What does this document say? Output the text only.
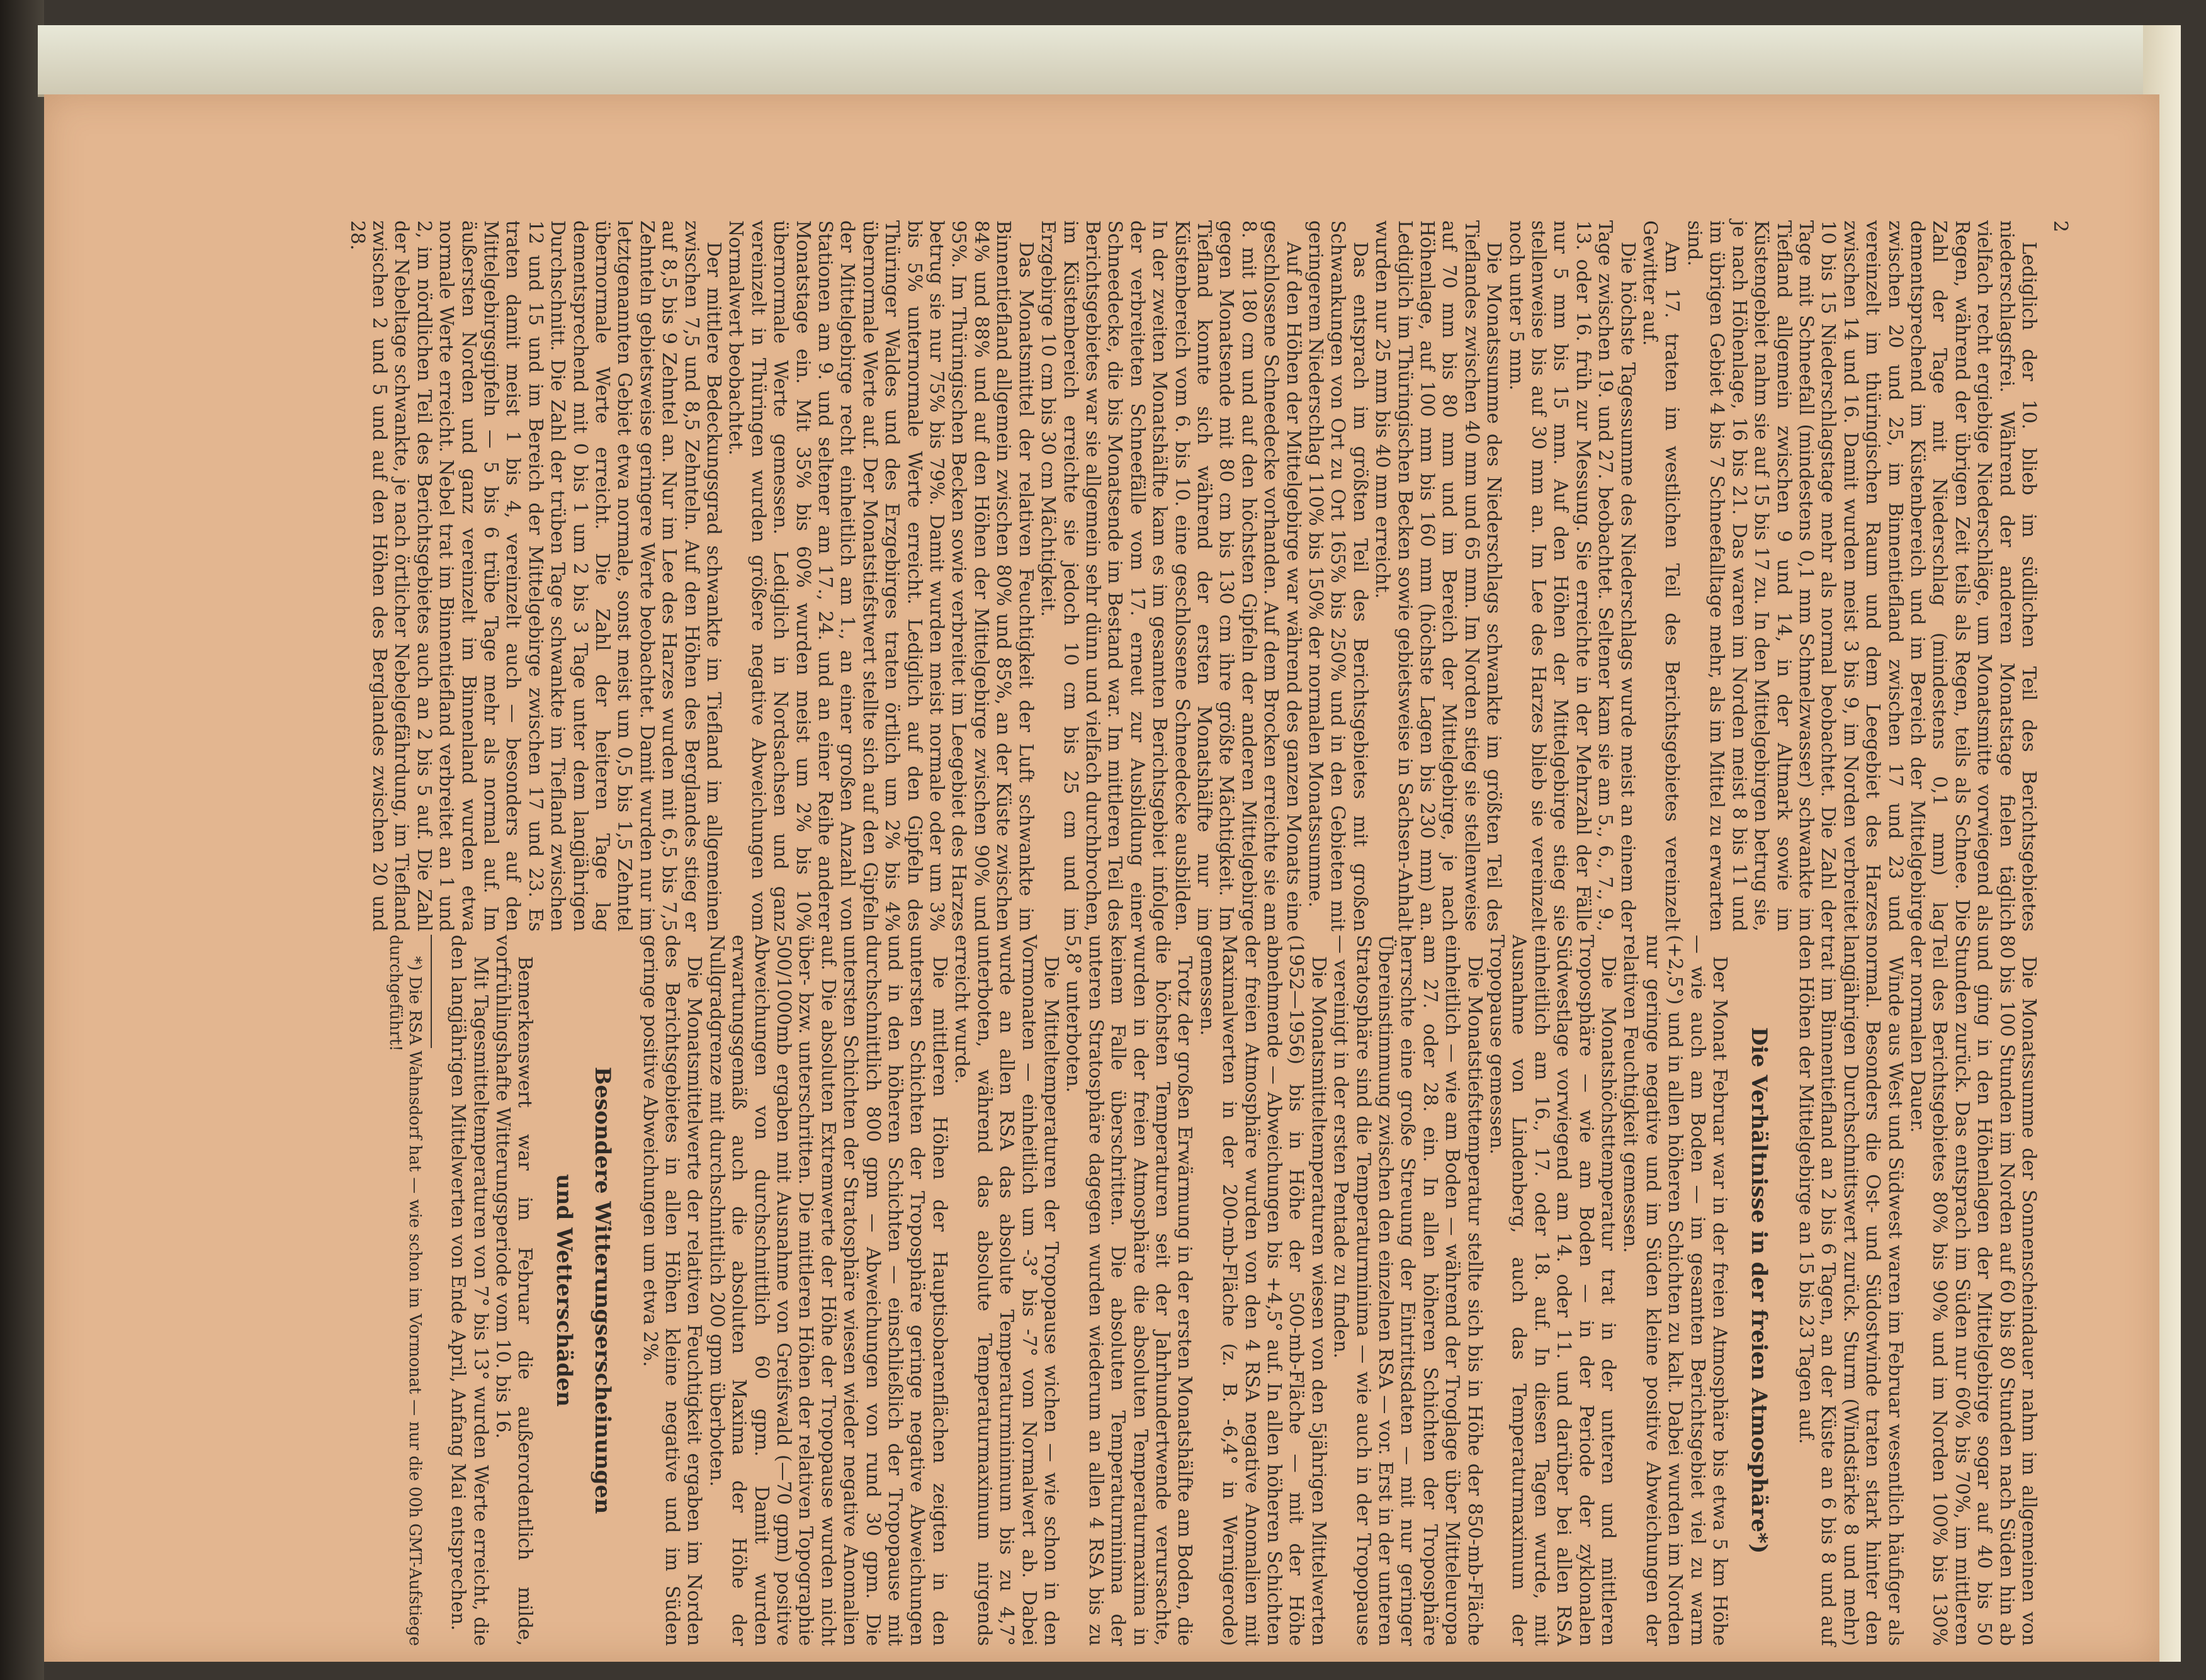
2

Lediglich der 10. blieb im südlichen Teil des Berichtsgebietes niederschlagsfrei. Während der anderen Monatstage fielen täglich vielfach recht ergiebige Niederschläge, um Monatsmitte vorwiegend als Regen, während der übrigen Zeit teils als Regen, teils als Schnee. Die Zahl der Tage mit Niederschlag (mindestens 0,1 mm) lag dementsprechend im Küstenbereich und im Bereich der Mittelgebirge zwischen 20 und 25, im Binnentiefland zwischen 17 und 23 und vereinzelt im thüringischen Raum und dem Leegebiet des Harzes zwischen 14 und 16. Damit wurden meist 3 bis 9, im Norden verbreitet 10 bis 15 Niederschlagstage mehr als normal beobachtet. Die Zahl der Tage mit Schneefall (mindestens 0,1 mm Schmelzwasser) schwankte im Tiefland allgemein zwischen 9 und 14, in der Altmark sowie im Küstengebiet nahm sie auf 15 bis 17 zu. In den Mittelgebirgen betrug sie, je nach Höhenlage, 16 bis 21. Das waren im Norden meist 8 bis 11 und im übrigen Gebiet 4 bis 7 Schneefalltage mehr, als im Mittel zu erwarten sind.

Am 17. traten im westlichen Teil des Berichtsgebietes vereinzelt Gewitter auf.

Die höchste Tagessumme des Niederschlags wurde meist an einem der Tage zwischen 19. und 27. beobachtet. Seltener kam sie am 5., 6., 7., 9., 13. oder 16. früh zur Messung. Sie erreichte in der Mehrzahl der Fälle nur 5 mm bis 15 mm. Auf den Höhen der Mittelgebirge stieg sie stellenweise bis auf 30 mm an. Im Lee des Harzes blieb sie vereinzelt noch unter 5 mm.

Die Monatssumme des Niederschlags schwankte im größten Teil des Tieflandes zwischen 40 mm und 65 mm. Im Norden stieg sie stellenweise auf 70 mm bis 80 mm und im Bereich der Mittelgebirge, je nach Höhenlage, auf 100 mm bis 160 mm (höchste Lagen bis 230 mm) an. Lediglich im Thüringischen Becken sowie gebietsweise in Sachsen-Anhalt wurden nur 25 mm bis 40 mm erreicht.

Das entsprach im größten Teil des Berichtsgebietes mit großen Schwankungen von Ort zu Ort 165% bis 250% und in den Gebieten mit geringerem Niederschlag 110% bis 150% der normalen Monatssumme.

Auf den Höhen der Mittelgebirge war während des ganzen Monats eine geschlossene Schneedecke vorhanden. Auf dem Brocken erreichte sie am 8. mit 180 cm und auf den höchsten Gipfeln der anderen Mittelgebirge gegen Monatsende mit 80 cm bis 130 cm ihre größte Mächtigkeit. Im Tiefland konnte sich während der ersten Monatshälfte nur im Küstenbereich vom 6. bis 10. eine geschlossene Schneedecke ausbilden. In der zweiten Monatshälfte kam es im gesamten Berichtsgebiet infolge der verbreiteten Schneefälle vom 17. erneut zur Ausbildung einer Schneedecke, die bis Monatsende im Bestand war. Im mittleren Teil des Berichtsgebietes war sie allgemein sehr dünn und vielfach durchbrochen, im Küstenbereich erreichte sie jedoch 10 cm bis 25 cm und im Erzgebirge 10 cm bis 30 cm Mächtigkeit.

Das Monatsmittel der relativen Feuchtigkeit der Luft schwankte im Binnentiefland allgemein zwischen 80% und 85%, an der Küste zwischen 84% und 88% und auf den Höhen der Mittelgebirge zwischen 90% und 95%. Im Thüringischen Becken sowie verbreitet im Leegebiet des Harzes betrug sie nur 75% bis 79%. Damit wurden meist normale oder um 3% bis 5% unternormale Werte erreicht. Lediglich auf den Gipfeln des Thüringer Waldes und des Erzgebirges traten örtlich um 2% bis 4% übernormale Werte auf. Der Monatstiefstwert stellte sich auf den Gipfeln der Mittelgebirge recht einheitlich am 1., an einer großen Anzahl von Stationen am 9. und seltener am 17., 24. und an einer Reihe anderer Monatstage ein. Mit 35% bis 60% wurden meist um 2% bis 10% übernormale Werte gemessen. Lediglich in Nordsachsen und ganz vereinzelt in Thüringen wurden größere negative Abweichungen vom Normalwert beobachtet.

Der mittlere Bedeckungsgrad schwankte im Tiefland im allgemeinen zwischen 7,5 und 8,5 Zehnteln. Auf den Höhen des Berglandes stieg er auf 8,5 bis 9 Zehntel an. Nur im Lee des Harzes wurden mit 6,5 bis 7,5 Zehnteln gebietsweise geringere Werte beobachtet. Damit wurden nur im letztgenannten Gebiet etwa normale, sonst meist um 0,5 bis 1,5 Zehntel übernormale Werte erreicht. Die Zahl der heiteren Tage lag dementsprechend mit 0 bis 1 um 2 bis 3 Tage unter dem langjährigen Durchschnitt. Die Zahl der trüben Tage schwankte im Tiefland zwischen 12 und 15 und im Bereich der Mittelgebirge zwischen 17 und 23. Es traten damit meist 1 bis 4, vereinzelt auch — besonders auf den Mittelgebirgsgipfeln — 5 bis 6 trübe Tage mehr als normal auf. Im äußersten Norden und ganz vereinzelt im Binnenland wurden etwa normale Werte erreicht. Nebel trat im Binnentiefland verbreitet an 1 und 2, im nördlichen Teil des Berichtsgebietes auch an 2 bis 5 auf. Die Zahl der Nebeltage schwankte, je nach örtlicher Nebelgefährdung, im Tiefland zwischen 2 und 5 und auf den Höhen des Berglandes zwischen 20 und 28.

Die Monatssumme der Sonnenscheindauer nahm im allgemeinen von 80 bis 100 Stunden im Norden auf 60 bis 80 Stunden nach Süden hin ab und ging in den Höhenlagen der Mittelgebirge sogar auf 40 bis 50 Stunden zurück. Das entsprach im Süden nur 60% bis 70%, im mittleren Teil des Berichtsgebietes 80% bis 90% und im Norden 100% bis 130% der normalen Dauer.

Winde aus West und Südwest waren im Februar wesentlich häufiger als normal. Besonders die Ost- und Südostwinde traten stark hinter den langjährigen Durchschnittswert zurück. Sturm (Windstärke 8 und mehr) trat im Binnentiefland an 2 bis 6 Tagen, an der Küste an 6 bis 8 und auf den Höhen der Mittelgebirge an 15 bis 23 Tagen auf.

Die Verhältnisse in der freien Atmosphäre*)

Der Monat Februar war in der freien Atmosphäre bis etwa 5 km Höhe — wie auch am Boden — im gesamten Berichtsgebiet viel zu warm (+2,5°) und in allen höheren Schichten zu kalt. Dabei wurden im Norden nur geringe negative und im Süden kleine positive Abweichungen der relativen Feuchtigkeit gemessen.

Die Monatshöchsttemperatur trat in der unteren und mittleren Troposphäre — wie am Boden — in der Periode der zyklonalen Südwestlage vorwiegend am 14. oder 11. und darüber bei allen RSA einheitlich am 16., 17. oder 18. auf. In diesen Tagen wurde, mit Ausnahme von Lindenberg, auch das Temperaturmaximum der Tropopause gemessen.

Die Monatstiefsttemperatur stellte sich bis in Höhe der 850-mb-Fläche einheitlich — wie am Boden — während der Troglage über Mitteleuropa am 27. oder 28. ein. In allen höheren Schichten der Troposphäre herrschte eine große Streuung der Eintrittsdaten — mit nur geringer Übereinstimmung zwischen den einzelnen RSA — vor. Erst in der unteren Stratosphäre sind die Temperaturminima — wie auch in der Tropopause — vereinigt in der ersten Pentade zu finden.

Die Monatsmitteltemperaturen wiesen von den 5jährigen Mittelwerten (1952—1956) bis in Höhe der 500-mb-Fläche — mit der Höhe abnehmende — Abweichungen bis +4,5° auf. In allen höheren Schichten der freien Atmosphäre wurden von den 4 RSA negative Anomalien mit Maximalwerten in der 200-mb-Fläche (z. B. -6,4° in Wernigerode) gemessen.

Trotz der großen Erwärmung in der ersten Monatshälfte am Boden, die die höchsten Temperaturen seit der Jahrhundertwende verursachte, wurden in der freien Atmosphäre die absoluten Temperaturmaxima in keinem Falle überschritten. Die absoluten Temperaturminima der unteren Stratosphäre dagegen wurden wiederum an allen 4 RSA bis zu 5,8° unterboten.

Die Mitteltemperaturen der Tropopause wichen — wie schon in den Vormonaten — einheitlich um -3° bis -7° vom Normalwert ab. Dabei wurde an allen RSA das absolute Temperaturminimum bis zu 4,7° unterboten, während das absolute Temperaturmaximum nirgends erreicht wurde.

Die mittleren Höhen der Hauptisobarenflächen zeigten in den untersten Schichten der Troposphäre geringe negative Abweichungen und in den höheren Schichten — einschließlich der Tropopause mit durchschnittlich 800 gpm — Abweichungen von rund 30 gpm. Die untersten Schichten der Stratosphäre wiesen wieder negative Anomalien auf. Die absoluten Extremwerte der Höhe der Tropopause wurden nicht über- bzw. unterschritten. Die mittleren Höhen der relativen Topographie 500/1000mb ergaben mit Ausnahme von Greifswald (—70 gpm) positive Abweichungen von durchschnittlich 60 gpm. Damit wurden erwartungsgemäß auch die absoluten Maxima der Höhe der Nullgradgrenze mit durchschnittlich 200 gpm überboten.

Die Monatsmittelwerte der relativen Feuchtigkeit ergaben im Norden des Berichtsgebietes in allen Höhen kleine negative und im Süden geringe positive Abweichungen um etwa 2%.

Besondere Witterungserscheinungen
und Wetterschäden

Bemerkenswert war im Februar die außerordentlich milde, vorfrühlingshafte Witterungsperiode vom 10. bis 16.

Mit Tagesmitteltemperaturen von 7° bis 13° wurden Werte erreicht, die den langjährigen Mittelwerten von Ende April, Anfang Mai entsprechen.

*) Die RSA Wahnsdorf hat — wie schon im Vormonat — nur die 00h GMT-Aufstiege durchgeführt!
